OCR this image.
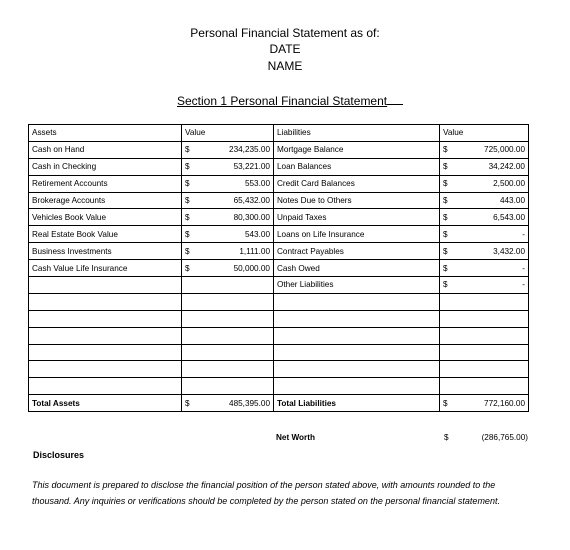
Personal Financial Statement as of:
DATE
NAME
Section 1 Personal Financial Statement
Assets	Value		Liabilities	Value	
Cash on Hand	$	234,235.00	Mortgage Balance	$	725,000.00
Cash in Checking	$	53,221.00	Loan Balances	$	34,242.00
Retirement Accounts	$	553.00	Credit Card Balances	$	2,500.00
Brokerage Accounts	$	65,432.00	Notes Due to Others	$	443.00
Vehicles Book Value	$	80,300.00	Unpaid Taxes	$	6,543.00
Real Estate Book Value	$	543.00	Loans on Life Insurance	$	-
Business Investments	$	1,111.00	Contract Payables	$	3,432.00
Cash Value Life Insurance	$	50,000.00	Cash Owed	$	-
			Other Liabilities	$	-

Total Assets	$	485,395.00	Total Liabilities	$	772,160.00
Net Worth	$	(286,765.00)
Disclosures
This document is prepared to disclose the financial position of the person stated above, with amounts rounded to the thousand. Any inquiries or verifications should be completed by the person stated on the personal financial statement.
